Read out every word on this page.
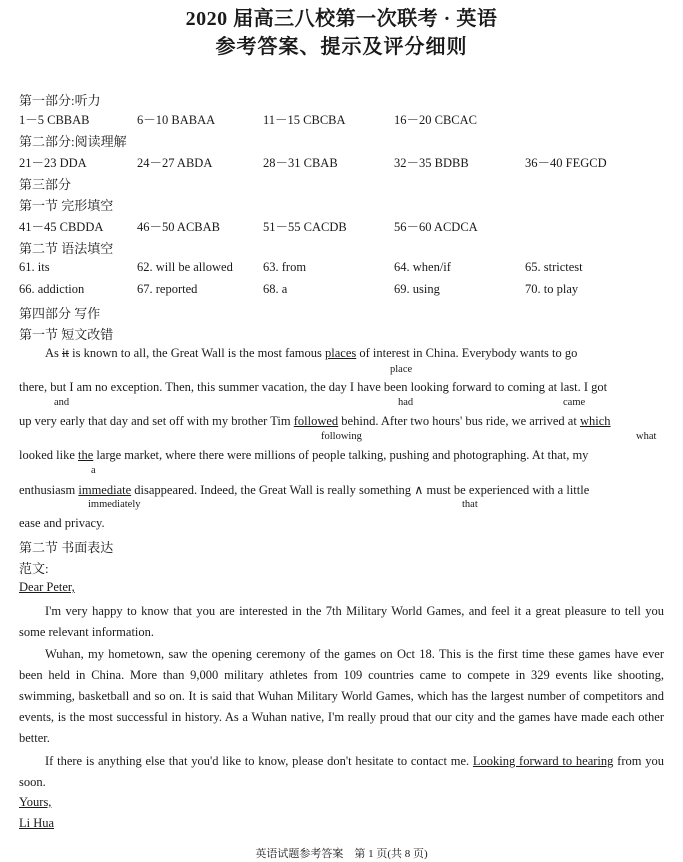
2020 届高三八校第一次联考 · 英语
参考答案、提示及评分细则
第一部分:听力
1－5 CBBAB	6－10 BABAA	11－15 CBCBA	16－20 CBCAC
第二部分:阅读理解
21－23 DDA	24－27 ABDA	28－31 CBAB	32－35 BDBB	36－40 FEGCD
第三部分
第一节 完形填空
41－45 CBDDA	46－50 ACBAB	51－55 CACDB	56－60 ACDCA
第二节 语法填空
61. its	62. will be allowed 63. from	64. when/if	65. strictest
66. addiction	67. reported	68. a	69. using	70. to play
第四部分 写作
第一节 短文改错
As it is known to all, the Great Wall is the most famous places of interest in China. Everybody wants to go
place
there, but I am no exception. Then, this summer vacation, the day I have been looking forward to coming at last. I got
and	had	came
up very early that day and set off with my brother Tim followed behind. After two hours' bus ride, we arrived at which
following	what
looked like the large market, where there were millions of people talking, pushing and photographing. At that, my
a
enthusiasm immediate disappeared. Indeed, the Great Wall is really something ∧ must be experienced with a little
immediately	that
ease and privacy.
第二节 书面表达
范文:
Dear Peter,
I'm very happy to know that you are interested in the 7th Military World Games, and feel it a great pleasure to tell you some relevant information.
Wuhan, my hometown, saw the opening ceremony of the games on Oct 18. This is the first time these games have ever been held in China. More than 9,000 military athletes from 109 countries came to compete in 329 events like shooting, swimming, basketball and so on. It is said that Wuhan Military World Games, which has the largest number of competitors and events, is the most successful in history. As a Wuhan native, I'm really proud that our city and the games have made each other better.
If there is anything else that you'd like to know, please don't hesitate to contact me. Looking forward to hearing from you soon.
Yours,
Li Hua
英语试题参考答案　第 1 页(共 8 页)
